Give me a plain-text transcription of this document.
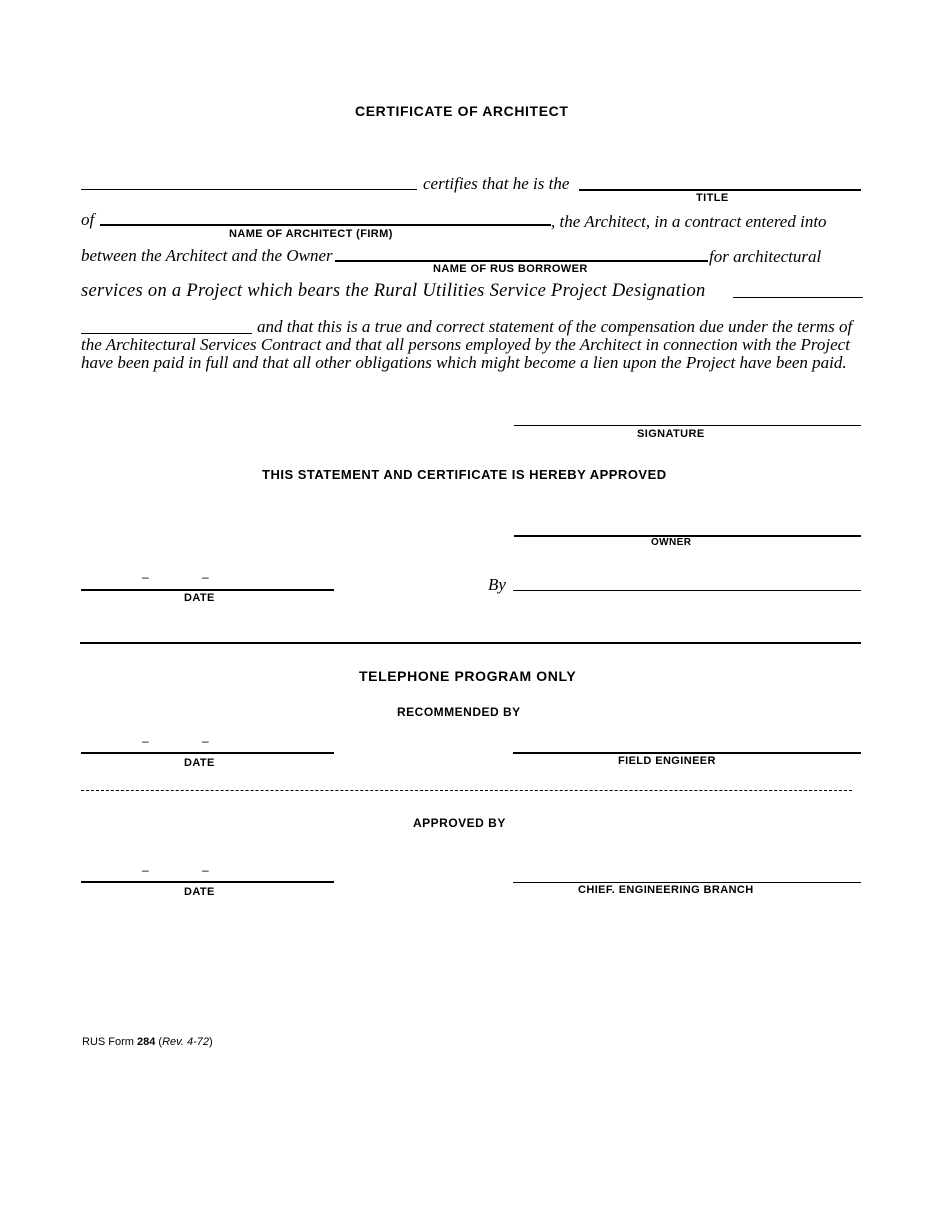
CERTIFICATE OF ARCHITECT
certifies that he is the
TITLE
of
NAME OF ARCHITECT (FIRM)
, the Architect, in a contract entered into
between the Architect and the Owner
NAME OF RUS BORROWER
for architectural
services on a Project which bears the Rural Utilities Service Project Designation
and that this is a true and correct statement of the compensation due under the terms of
the Architectural Services Contract and that all persons employed by the Architect in connection with the Project
have been paid in full and that all other obligations which might become a lien upon the Project have been paid.
SIGNATURE
THIS STATEMENT AND CERTIFICATE IS HEREBY APPROVED
OWNER
–	–
DATE
By
TELEPHONE PROGRAM ONLY
RECOMMENDED BY
–	–
DATE	FIELD ENGINEER
APPROVED BY
–	–
DATE	CHIEF. ENGINEERING BRANCH
RUS Form 284 (Rev. 4-72)
